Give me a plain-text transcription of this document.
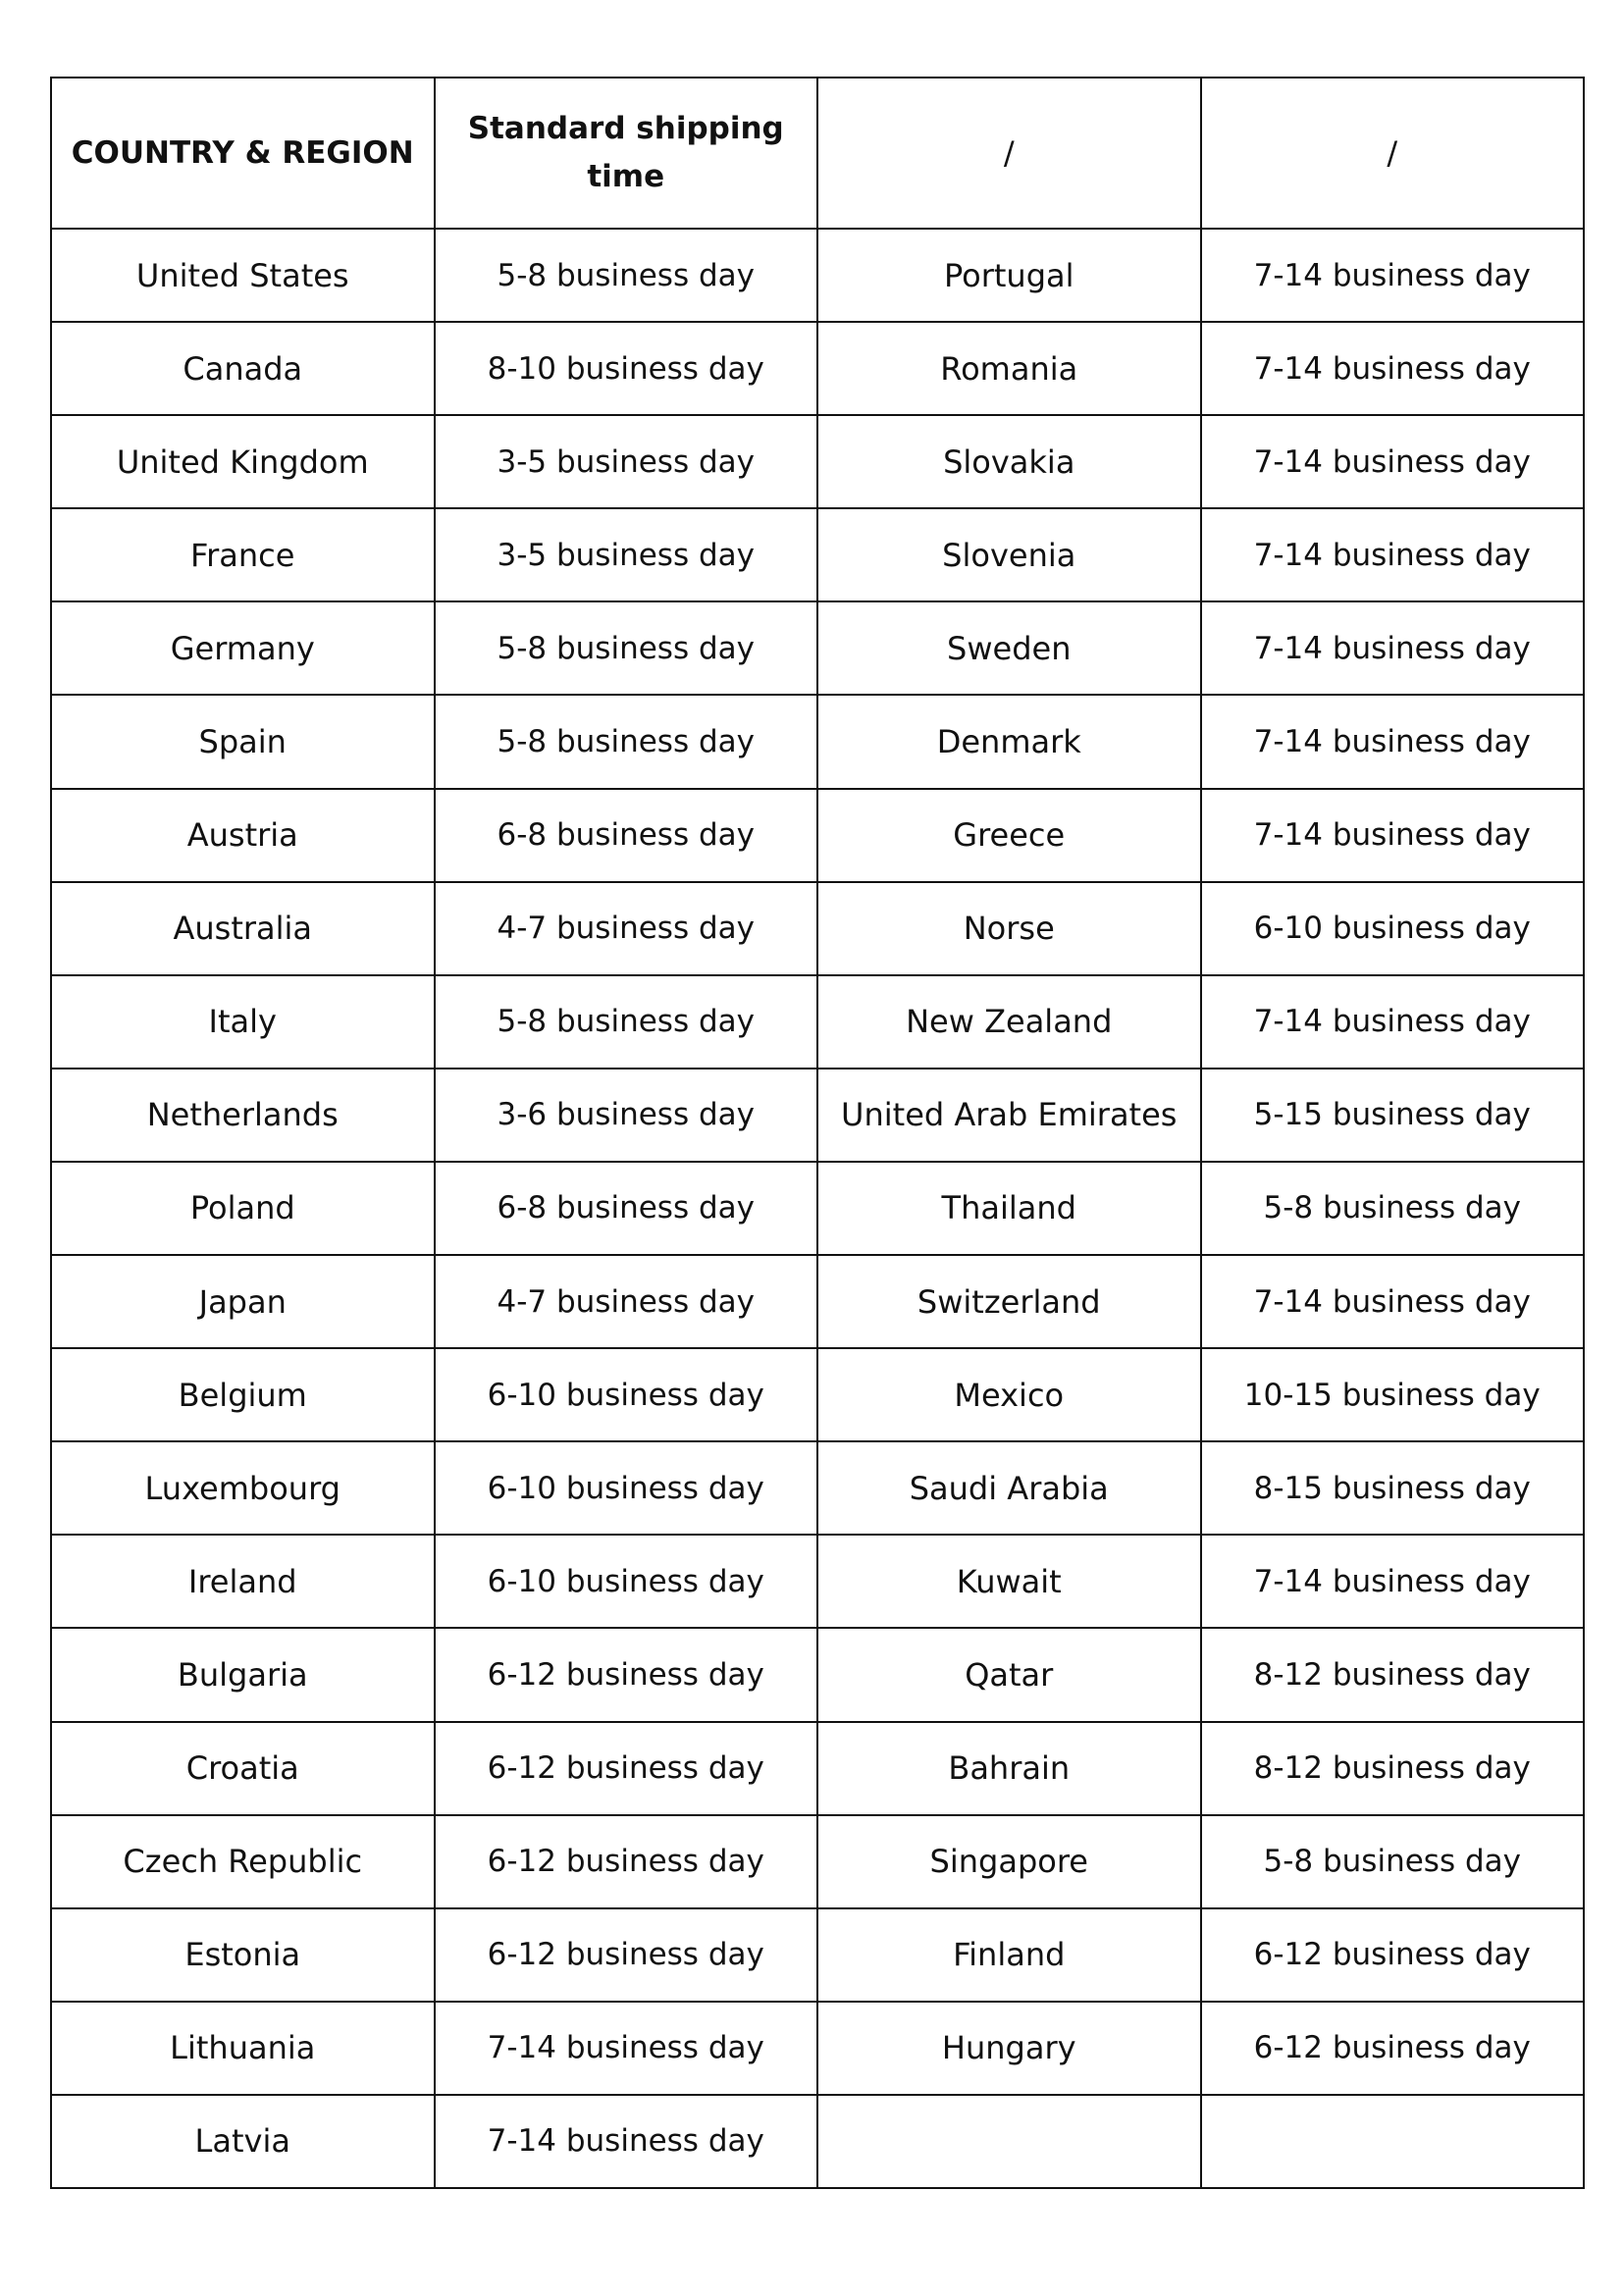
COUNTRY & REGION	Standard shipping time	/	/
United States	5-8 business day	Portugal	7-14 business day
Canada	8-10 business day	Romania	7-14 business day
United Kingdom	3-5 business day	Slovakia	7-14 business day
France	3-5 business day	Slovenia	7-14 business day
Germany	5-8 business day	Sweden	7-14 business day
Spain	5-8 business day	Denmark	7-14 business day
Austria	6-8 business day	Greece	7-14 business day
Australia	4-7 business day	Norse	6-10 business day
Italy	5-8 business day	New Zealand	7-14 business day
Netherlands	3-6 business day	United Arab Emirates	5-15 business day
Poland	6-8 business day	Thailand	5-8 business day
Japan	4-7 business day	Switzerland	7-14 business day
Belgium	6-10 business day	Mexico	10-15 business day
Luxembourg	6-10 business day	Saudi Arabia	8-15 business day
Ireland	6-10 business day	Kuwait	7-14 business day
Bulgaria	6-12 business day	Qatar	8-12 business day
Croatia	6-12 business day	Bahrain	8-12 business day
Czech Republic	6-12 business day	Singapore	5-8 business day
Estonia	6-12 business day	Finland	6-12 business day
Lithuania	7-14 business day	Hungary	6-12 business day
Latvia	7-14 business day		
